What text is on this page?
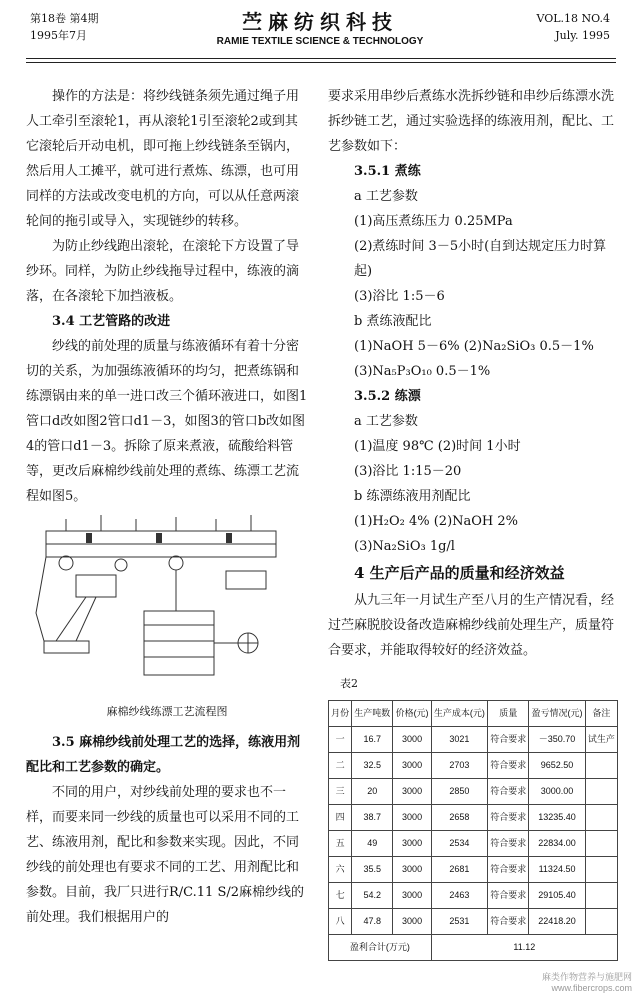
第18卷 第4期
1995年7月
苎麻纺织科技
RAMIE TEXTILE SCIENCE & TECHNOLOGY
VOL.18 NO.4
July. 1995

操作的方法是：将纱线链条须先通过绳子用人工牵引至滚轮1，再从滚轮1引至滚轮2或到其它滚轮后开动电机，即可拖上纱线链条至锅内，然后用人工摊平，就可进行煮炼、练漂，也可用同样的方法或改变电机的方向，可以从任意两滚轮间的拖引或导入，实现链纱的转移。

为防止纱线跑出滚轮，在滚轮下方设置了导纱环。同样，为防止纱线拖导过程中，练液的滴落，在各滚轮下加挡液板。

3.4 工艺管路的改进

纱线的前处理的质量与练液循环有着十分密切的关系，为加强练液循环的均匀，把煮练锅和练漂锅由来的单一进口改三个循环液进口，如图1管口d改如图2管口d1－3，如图3的管口b改如图4的管口d1－3。拆除了原来煮液，硫酸给料管等，更改后麻棉纱线前处理的煮练、练漂工艺流程如图5。

麻棉纱线练漂工艺流程图

3.5 麻棉纱线前处理工艺的选择，练液用剂配比和工艺参数的确定。

不同的用户，对纱线前处理的要求也不一样，而要来同一纱线的质量也可以采用不同的工艺、练液用剂，配比和参数来实现。因此，不同纱线的前处理也有要求不同的工艺、用剂配比和参数。目前，我厂只进行R/C.11 S/2麻棉纱线的前处理。我们根据用户的

要求采用串纱后煮练水洗拆纱链和串纱后练漂水洗拆纱链工艺，通过实验选择的练液用剂，配比、工艺参数如下：

3.5.1 煮练

a 工艺参数

(1)高压煮练压力 0.25MPa

(2)煮练时间 3－5小时(自到达规定压力时算起)

(3)浴比 1:5－6

b 煮练液配比

(1)NaOH 5－6% (2)Na₂SiO₃ 0.5－1% (3)Na₅P₃O₁₀ 0.5－1%

3.5.2 练漂

a 工艺参数

(1)温度 98℃ (2)时间 1小时

(3)浴比 1:15－20

b 练漂练液用剂配比

(1)H₂O₂ 4% (2)NaOH 2%

(3)Na₂SiO₃ 1g/l

4 生产后产品的质量和经济效益

从九三年一月试生产至八月的生产情况看，经过苎麻脱胶设备改造麻棉纱线前处理生产，质量符合要求，并能取得较好的经济效益。

表2

月份	生产吨数	价格(元)	生产成本(元)	质量	盈亏情况(元)	备注
一	16.7	3000	3021	符合要求	－350.70	试生产
二	32.5	3000	2703	符合要求	9652.50	
三	20	3000	2850	符合要求	3000.00	
四	38.7	3000	2658	符合要求	13235.40	
五	49	3000	2534	符合要求	22834.00	
六	35.5	3000	2681	符合要求	11324.50	
七	54.2	3000	2463	符合要求	29105.40	
八	47.8	3000	2531	符合要求	22418.20	
盈利合计(万元)			11.12			
麻类作物营养与施肥网
www.fibercrops.com
